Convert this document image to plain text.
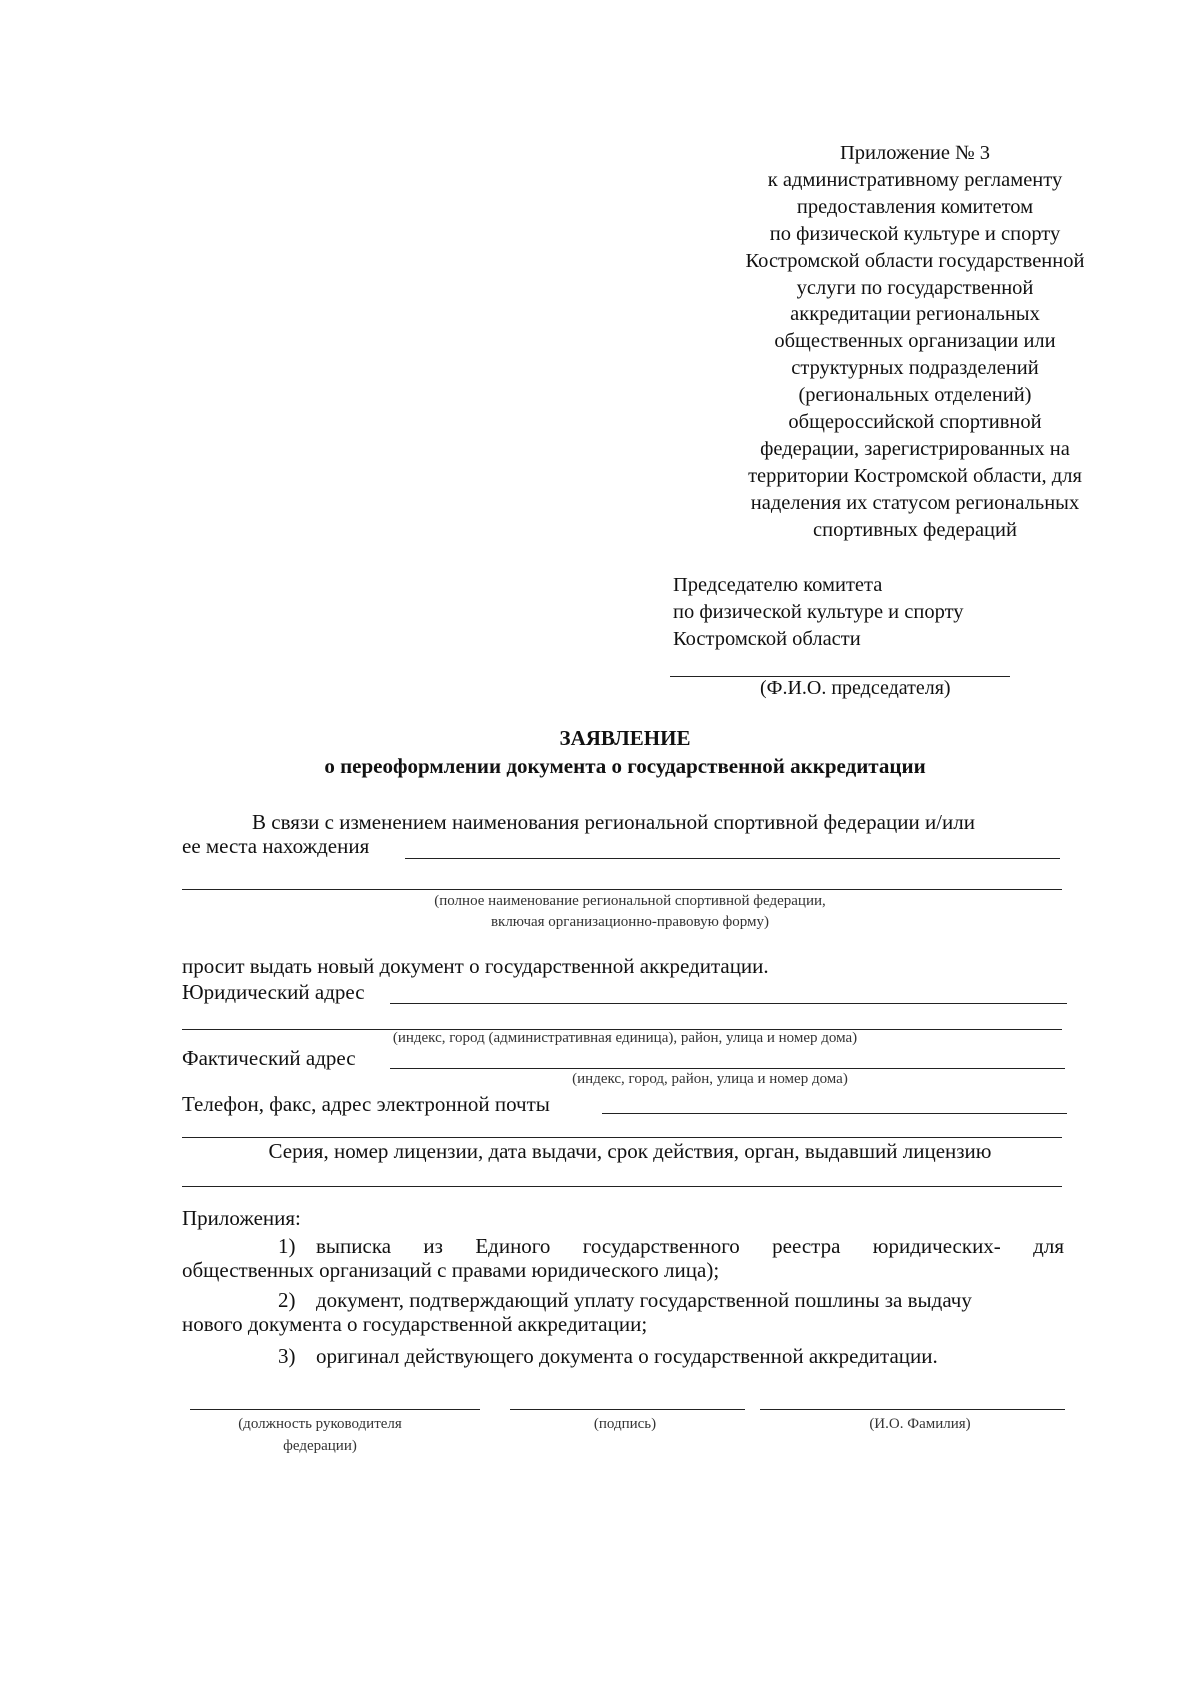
Приложение № 3
к административному регламенту
предоставления комитетом
по физической культуре и спорту
Костромской области государственной
услуги по государственной
аккредитации региональных
общественных организации или
структурных подразделений
(региональных отделений)
общероссийской спортивной
федерации, зарегистрированных на
территории Костромской области, для
наделения их статусом региональных
спортивных федераций
Председателю комитета
по физической культуре и спорту
Костромской области
(Ф.И.О. председателя)
ЗАЯВЛЕНИЕ
о переоформлении документа о государственной аккредитации
В связи с изменением наименования региональной спортивной федерации и/или
ее места нахождения
(полное наименование региональной спортивной федерации,
включая организационно-правовую форму)
просит выдать новый документ о государственной аккредитации.
Юридический адрес
(индекс, город (административная единица), район, улица и номер дома)
Фактический адрес
(индекс, город, район, улица и номер дома)
Телефон, факс, адрес электронной почты
Серия, номер лицензии, дата выдачи, срок действия, орган, выдавший лицензию
Приложения:
1) выписка из Единого государственного реестра юридических- для
общественных организаций с правами юридического лица);
2) документ, подтверждающий уплату государственной пошлины за выдачу
нового документа о государственной аккредитации;
3) оригинал действующего документа о государственной аккредитации.
(должность руководителя
федерации)
(подпись)	(И.О. Фамилия)
